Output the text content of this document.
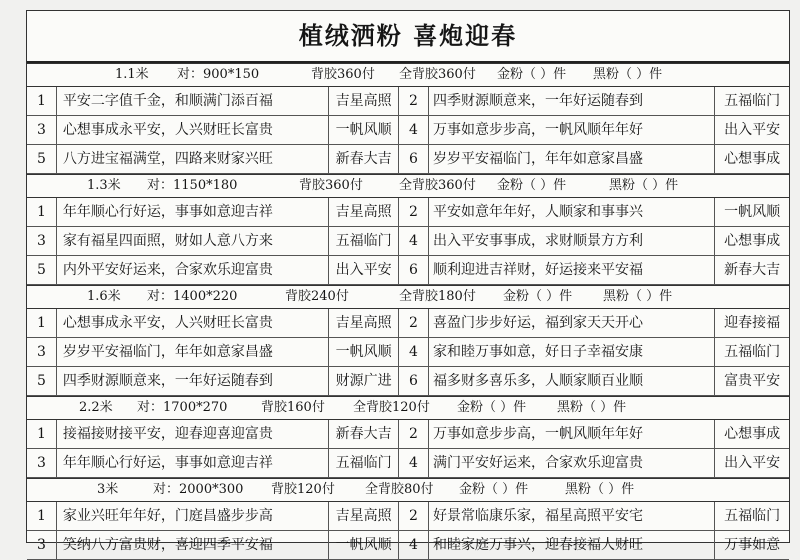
植绒洒粉 喜炮迎春
1.1米 对：900*150	背胶360付 全背胶360付 金粉（ ）件 黑粉（ ）件
1	平安二字值千金，和顺满门添百福	吉星高照	2	四季财源顺意来，一年好运随春到	五福临门
3	心想事成永平安，人兴财旺长富贵	一帆风顺	4	万事如意步步高，一帆风顺年年好	出入平安
5	八方进宝福满堂，四路来财家兴旺	新春大吉	6	岁岁平安福临门，年年如意家昌盛	心想事成
1.3米 对：1150*180	背胶360付	全背胶360付 金粉（ ）件	黑粉（ ）件
1	年年顺心行好运，事事如意迎吉祥	吉星高照	2	平安如意年年好，人顺家和事事兴	一帆风顺
3	家有福星四面照，财如人意八方来	五福临门	4	出入平安事事成，求财顺景方方利	心想事成
5	内外平安好运来，合家欢乐迎富贵	出入平安	6	顺利迎进吉祥财，好运接来平安福	新春大吉
1.6米 对：1400*220	背胶240付	全背胶180付 金粉（ ）件 黑粉（ ）件
1	心想事成永平安，人兴财旺长富贵	吉星高照	2	喜盈门步步好运，福到家天天开心	迎春接福
3	岁岁平安福临门，年年如意家昌盛	一帆风顺	4	家和睦万事如意，好日子幸福安康	五福临门
5	四季财源顺意来，一年好运随春到	财源广进	6	福多财多喜乐多，人顺家顺百业顺	富贵平安
2.2米 对：1700*270	背胶160付 全背胶120付 金粉（ ）件 黑粉（ ）件
1	接福接财接平安，迎春迎喜迎富贵	新春大吉	2	万事如意步步高，一帆风顺年年好	心想事成
3	年年顺心行好运，事事如意迎吉祥	五福临门	4	满门平安好运来，合家欢乐迎富贵	出入平安
3米	对：2000*300 背胶120付 全背胶80付 金粉（ ）件	黑粉（ ）件
1	家业兴旺年年好，门庭昌盛步步高	吉星高照	2	好景常临康乐家，福星高照平安宅	五福临门
3	笑纳八方富贵财，喜迎四季平安福	一帆风顺	4	和睦家庭万事兴，迎春接福人财旺	万事如意
